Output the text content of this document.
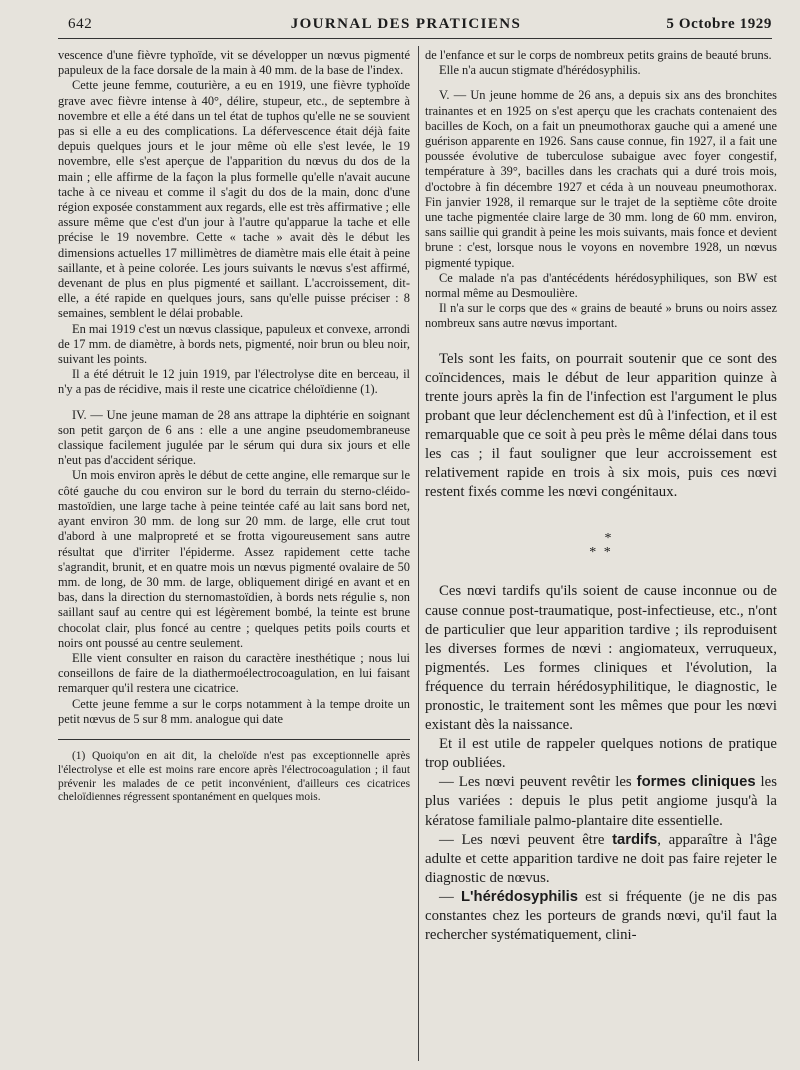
642	JOURNAL DES PRATICIENS	5 Octobre 1929

vescence d'une fièvre typhoïde, vit se développer un nœvus pigmenté papuleux de la face dorsale de la main à 40 mm. de la base de l'index.

Cette jeune femme, couturière, a eu en 1919, une fièvre typhoïde grave avec fièvre intense à 40°, délire, stupeur, etc., de septembre à novembre et elle a été dans un tel état de tuphos qu'elle ne se souvient pas si elle a eu des complications. La défervescence était déjà faite depuis quelques jours et le jour même où elle s'est levée, le 19 novembre, elle s'est aperçue de l'apparition du nœvus du dos de la main ; elle affirme de la façon la plus formelle qu'elle n'avait aucune tache à ce niveau et comme il s'agit du dos de la main, donc d'une région exposée constamment aux regards, elle est très affirmative ; elle assure même que c'est d'un jour à l'autre qu'apparue la tache et elle précise le 19 novembre. Cette « tache » avait dès le début les dimensions actuelles 17 millimètres de diamètre mais elle était à peine saillante, et à peine colorée. Les jours suivants le nœvus s'est affirmé, devenant de plus en plus pigmenté et saillant. L'accroissement, dit-elle, a été rapide en quelques jours, sans qu'elle puisse préciser : 8 semaines, semblent le délai probable.

En mai 1919 c'est un nœvus classique, papuleux et convexe, arrondi de 17 mm. de diamètre, à bords nets, pigmenté, noir brun ou bleu noir, suivant les points.

Il a été détruit le 12 juin 1919, par l'électrolyse dite en berceau, il n'y a pas de récidive, mais il reste une cicatrice chéloïdienne (1).

IV. — Une jeune maman de 28 ans attrape la diphtérie en soignant son petit garçon de 6 ans : elle a une angine pseudomembraneuse classique facilement jugulée par le sérum qui dura six jours et elle n'eut pas d'accident sérique.

Un mois environ après le début de cette angine, elle remarque sur le côté gauche du cou environ sur le bord du terrain du sterno-cléido-mastoïdien, une large tache à peine teintée café au lait sans bord net, ayant environ 30 mm. de long sur 20 mm. de large, elle crut tout d'abord à une malpropreté et se frotta vigoureusement sans autre résultat que d'irriter l'épiderme. Assez rapidement cette tache s'agrandit, brunit, et en quatre mois un nœvus pigmenté ovalaire de 50 mm. de long, de 30 mm. de large, obliquement dirigé en avant et en bas, dans la direction du sternomastoïdien, à bords nets régulie s, non saillant sauf au centre qui est légèrement bombé, la teinte est brune chocolat clair, plus foncé au centre ; quelques petits poils courts et noirs ont poussé au centre seulement.

Elle vient consulter en raison du caractère inesthétique ; nous lui conseillons de faire de la diathermoélectrocoagulation, en lui faisant remarquer qu'il restera une cicatrice.

Cette jeune femme a sur le corps notamment à la tempe droite un petit nœvus de 5 sur 8 mm. analogue qui date

(1) Quoiqu'on en ait dit, la cheloïde n'est pas exceptionnelle après l'électrolyse et elle est moins rare encore après l'électrocoagulation ; il faut prévenir les malades de ce petit inconvénient, d'ailleurs ces cicatrices cheloïdiennes régressent spontanément en quelques mois.

de l'enfance et sur le corps de nombreux petits grains de beauté bruns.

Elle n'a aucun stigmate d'hérédosyphilis.

V. — Un jeune homme de 26 ans, a depuis six ans des bronchites trainantes et en 1925 on s'est aperçu que les crachats contenaient des bacilles de Koch, on a fait un pneumothorax gauche qui a amené une guérison apparente en 1926. Sans cause connue, fin 1927, il a fait une poussée évolutive de tuberculose subaigue avec foyer congestif, température à 39°, bacilles dans les crachats qui a duré trois mois, d'octobre à fin décembre 1927 et céda à un nouveau pneumothorax. Fin janvier 1928, il remarque sur le trajet de la septième côte droite une tache pigmentée claire large de 30 mm. long de 60 mm. environ, sans saillie qui grandit à peine les mois suivants, mais fonce et devient brune : c'est, lorsque nous le voyons en novembre 1928, un nœvus pigmenté typique.

Ce malade n'a pas d'antécédents hérédosyphiliques, son BW est normal même au Desmoulière.

Il n'a sur le corps que des « grains de beauté » bruns ou noirs assez nombreux sans autre nœvus important.

Tels sont les faits, on pourrait soutenir que ce sont des coïncidences, mais le début de leur apparition quinze à trente jours après la fin de l'infection est l'argument le plus probant que leur déclenchement est dû à l'infection, et il est remarquable que ce soit à peu près le même délai dans tous les cas ; il faut souligner que leur accroissement est relativement rapide en trois à six mois, puis ces nœvi restent fixés comme les nœvi congénitaux.

*
* *

Ces nœvi tardifs qu'ils soient de cause inconnue ou de cause connue post-traumatique, post-infectieuse, etc., n'ont de particulier que leur apparition tardive ; ils reproduisent les diverses formes de nœvi : angiomateux, verruqueux, pigmentés. Les formes cliniques et l'évolution, la fréquence du terrain hérédosyphilitique, le diagnostic, le pronostic, le traitement sont les mêmes que pour les nœvi existant dès la naissance.

Et il est utile de rappeler quelques notions de pratique trop oubliées.

— Les nœvi peuvent revêtir les formes cliniques les plus variées : depuis le plus petit angiome jusqu'à la kératose familiale palmo-plantaire dite essentielle.

— Les nœvi peuvent être tardifs, apparaître à l'âge adulte et cette apparition tardive ne doit pas faire rejeter le diagnostic de nœvus.

— L'hérédosyphilis est si fréquente (je ne dis pas constantes chez les porteurs de grands nœvi, qu'il faut la rechercher systématiquement, clini-
